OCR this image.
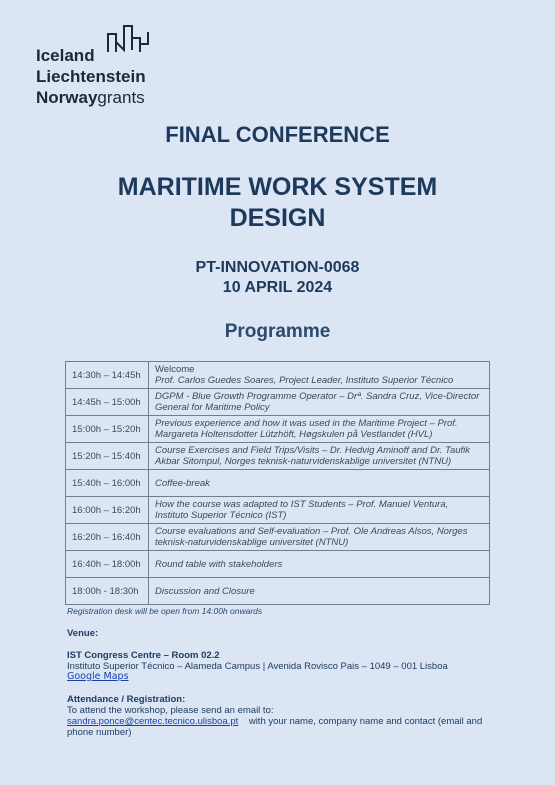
Iceland
Liechtenstein
Norwaygrants
FINAL CONFERENCE
MARITIME WORK SYSTEM
DESIGN
PT-INNOVATION-0068
10 APRIL 2024
Programme
14:30h – 14:45h	Welcome
Prof. Carlos Guedes Soares, Project Leader, Instituto Superior Técnico
14:45h – 15:00h	DGPM - Blue Growth Programme Operator – Drª. Sandra Cruz, Vice-Director General for Maritime Policy
15:00h – 15:20h	Previous experience and how it was used in the Maritime Project – Prof. Margareta Holtensdotter Lützhöft, Høgskulen på Vestlandet (HVL)
15:20h – 15:40h	Course Exercises and Field Trips/Visits – Dr. Hedvig Aminoff and Dr. Taufik Akbar Sitompul, Norges teknisk-naturvidenskablige universitet (NTNU)
15:40h – 16:00h	Coffee-break
16:00h – 16:20h	How the course was adapted to IST Students – Prof. Manuel Ventura, Instituto Superior Técnico (IST)
16:20h – 16:40h	Course evaluations and Self-evaluation – Prof. Ole Andreas Alsos, Norges teknisk-naturvidenskablige universitet (NTNU)
16:40h – 18:00h	Round table with stakeholders
18:00h - 18:30h	Discussion and Closure
Registration desk will be open from 14:00h onwards
Venue:
IST Congress Centre – Room 02.2
Instituto Superior Técnico – Alameda Campus | Avenida Rovisco Pais – 1049 – 001 Lisboa
Google Maps
Attendance / Registration:
To attend the workshop, please send an email to:
sandra.ponce@centec.tecnico.ulisboa.pt with your name, company name and contact (email and phone number)
